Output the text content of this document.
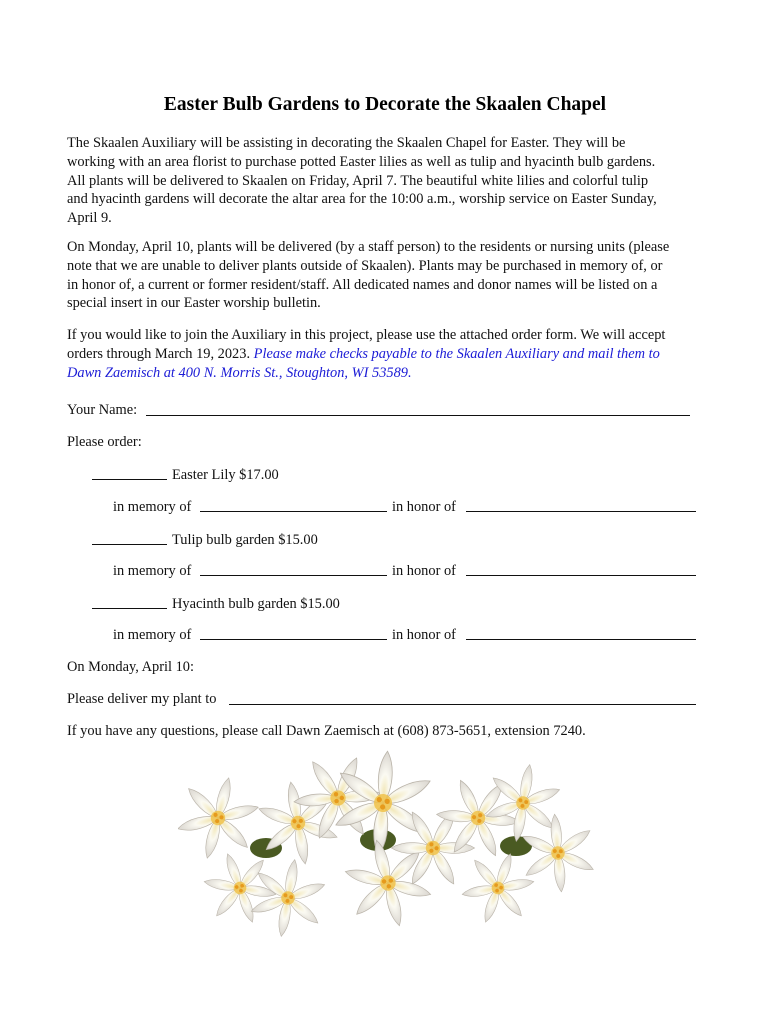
Easter Bulb Gardens to Decorate the Skaalen Chapel

The Skaalen Auxiliary will be assisting in decorating the Skaalen Chapel for Easter. They will be
working with an area florist to purchase potted Easter lilies as well as tulip and hyacinth bulb gardens.
All plants will be delivered to Skaalen on Friday, April 7. The beautiful white lilies and colorful tulip
and hyacinth gardens will decorate the altar area for the 10:00 a.m., worship service on Easter Sunday,
April 9.

On Monday, April 10, plants will be delivered (by a staff person) to the residents or nursing units (please
note that we are unable to deliver plants outside of Skaalen). Plants may be purchased in memory of, or
in honor of, a current or former resident/staff. All dedicated names and donor names will be listed on a
special insert in our Easter worship bulletin.

If you would like to join the Auxiliary in this project, please use the attached order form. We will accept
orders through March 19, 2023. Please make checks payable to the Skaalen Auxiliary and mail them to
Dawn Zaemisch at 400 N. Morris St., Stoughton, WI 53589.

Your Name:
Please order:
Easter Lily $17.00
in memory of	in honor of
Tulip bulb garden $15.00
in memory of	in honor of
Hyacinth bulb garden $15.00
in memory of	in honor of
On Monday, April 10:
Please deliver my plant to
If you have any questions, please call Dawn Zaemisch at (608) 873-5651, extension 7240.
